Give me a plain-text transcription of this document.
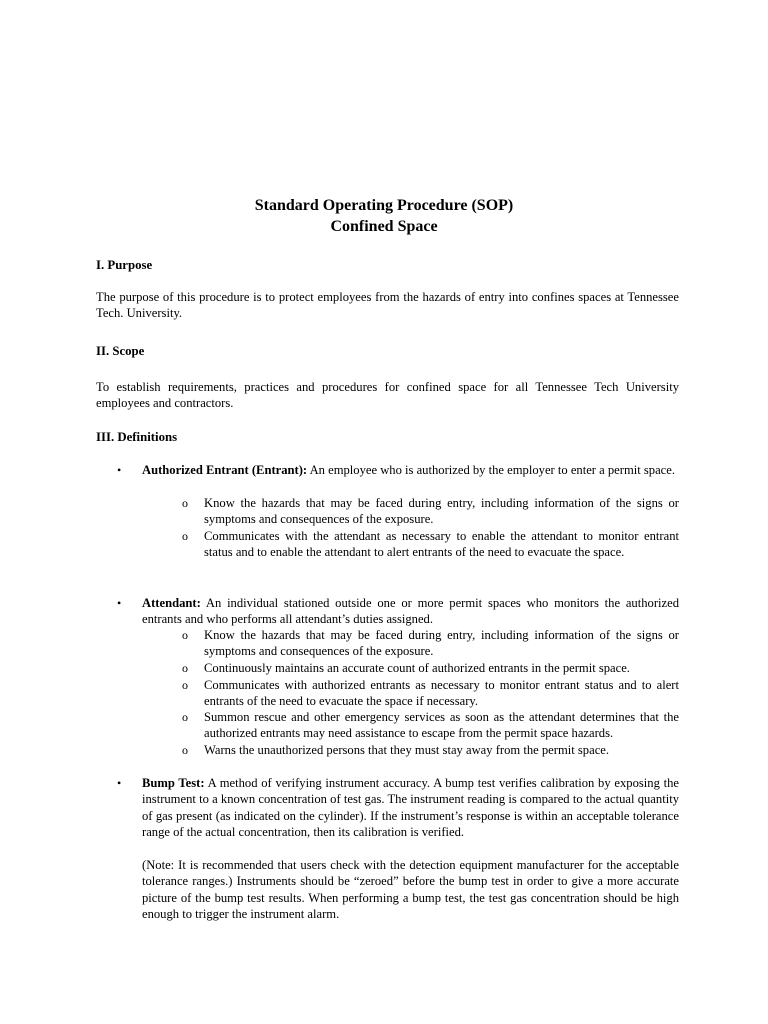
Standard Operating Procedure (SOP)
Confined Space
I. Purpose
The purpose of this procedure is to protect employees from the hazards of entry into confines spaces at Tennessee Tech. University.
II. Scope
To establish requirements, practices and procedures for confined space for all Tennessee Tech University employees and contractors.
III. Definitions
• Authorized Entrant (Entrant): An employee who is authorized by the employer to enter a permit space.
o Know the hazards that may be faced during entry, including information of the signs or symptoms and consequences of the exposure.
o Communicates with the attendant as necessary to enable the attendant to monitor entrant status and to enable the attendant to alert entrants of the need to evacuate the space.
• Attendant: An individual stationed outside one or more permit spaces who monitors the authorized entrants and who performs all attendant’s duties assigned.
o Know the hazards that may be faced during entry, including information of the signs or symptoms and consequences of the exposure.
o Continuously maintains an accurate count of authorized entrants in the permit space.
o Communicates with authorized entrants as necessary to monitor entrant status and to alert entrants of the need to evacuate the space if necessary.
o Summon rescue and other emergency services as soon as the attendant determines that the authorized entrants may need assistance to escape from the permit space hazards.
o Warns the unauthorized persons that they must stay away from the permit space.
• Bump Test: A method of verifying instrument accuracy. A bump test verifies calibration by exposing the instrument to a known concentration of test gas. The instrument reading is compared to the actual quantity of gas present (as indicated on the cylinder). If the instrument’s response is within an acceptable tolerance range of the actual concentration, then its calibration is verified.
(Note: It is recommended that users check with the detection equipment manufacturer for the acceptable tolerance ranges.) Instruments should be “zeroed” before the bump test in order to give a more accurate picture of the bump test results. When performing a bump test, the test gas concentration should be high enough to trigger the instrument alarm.
